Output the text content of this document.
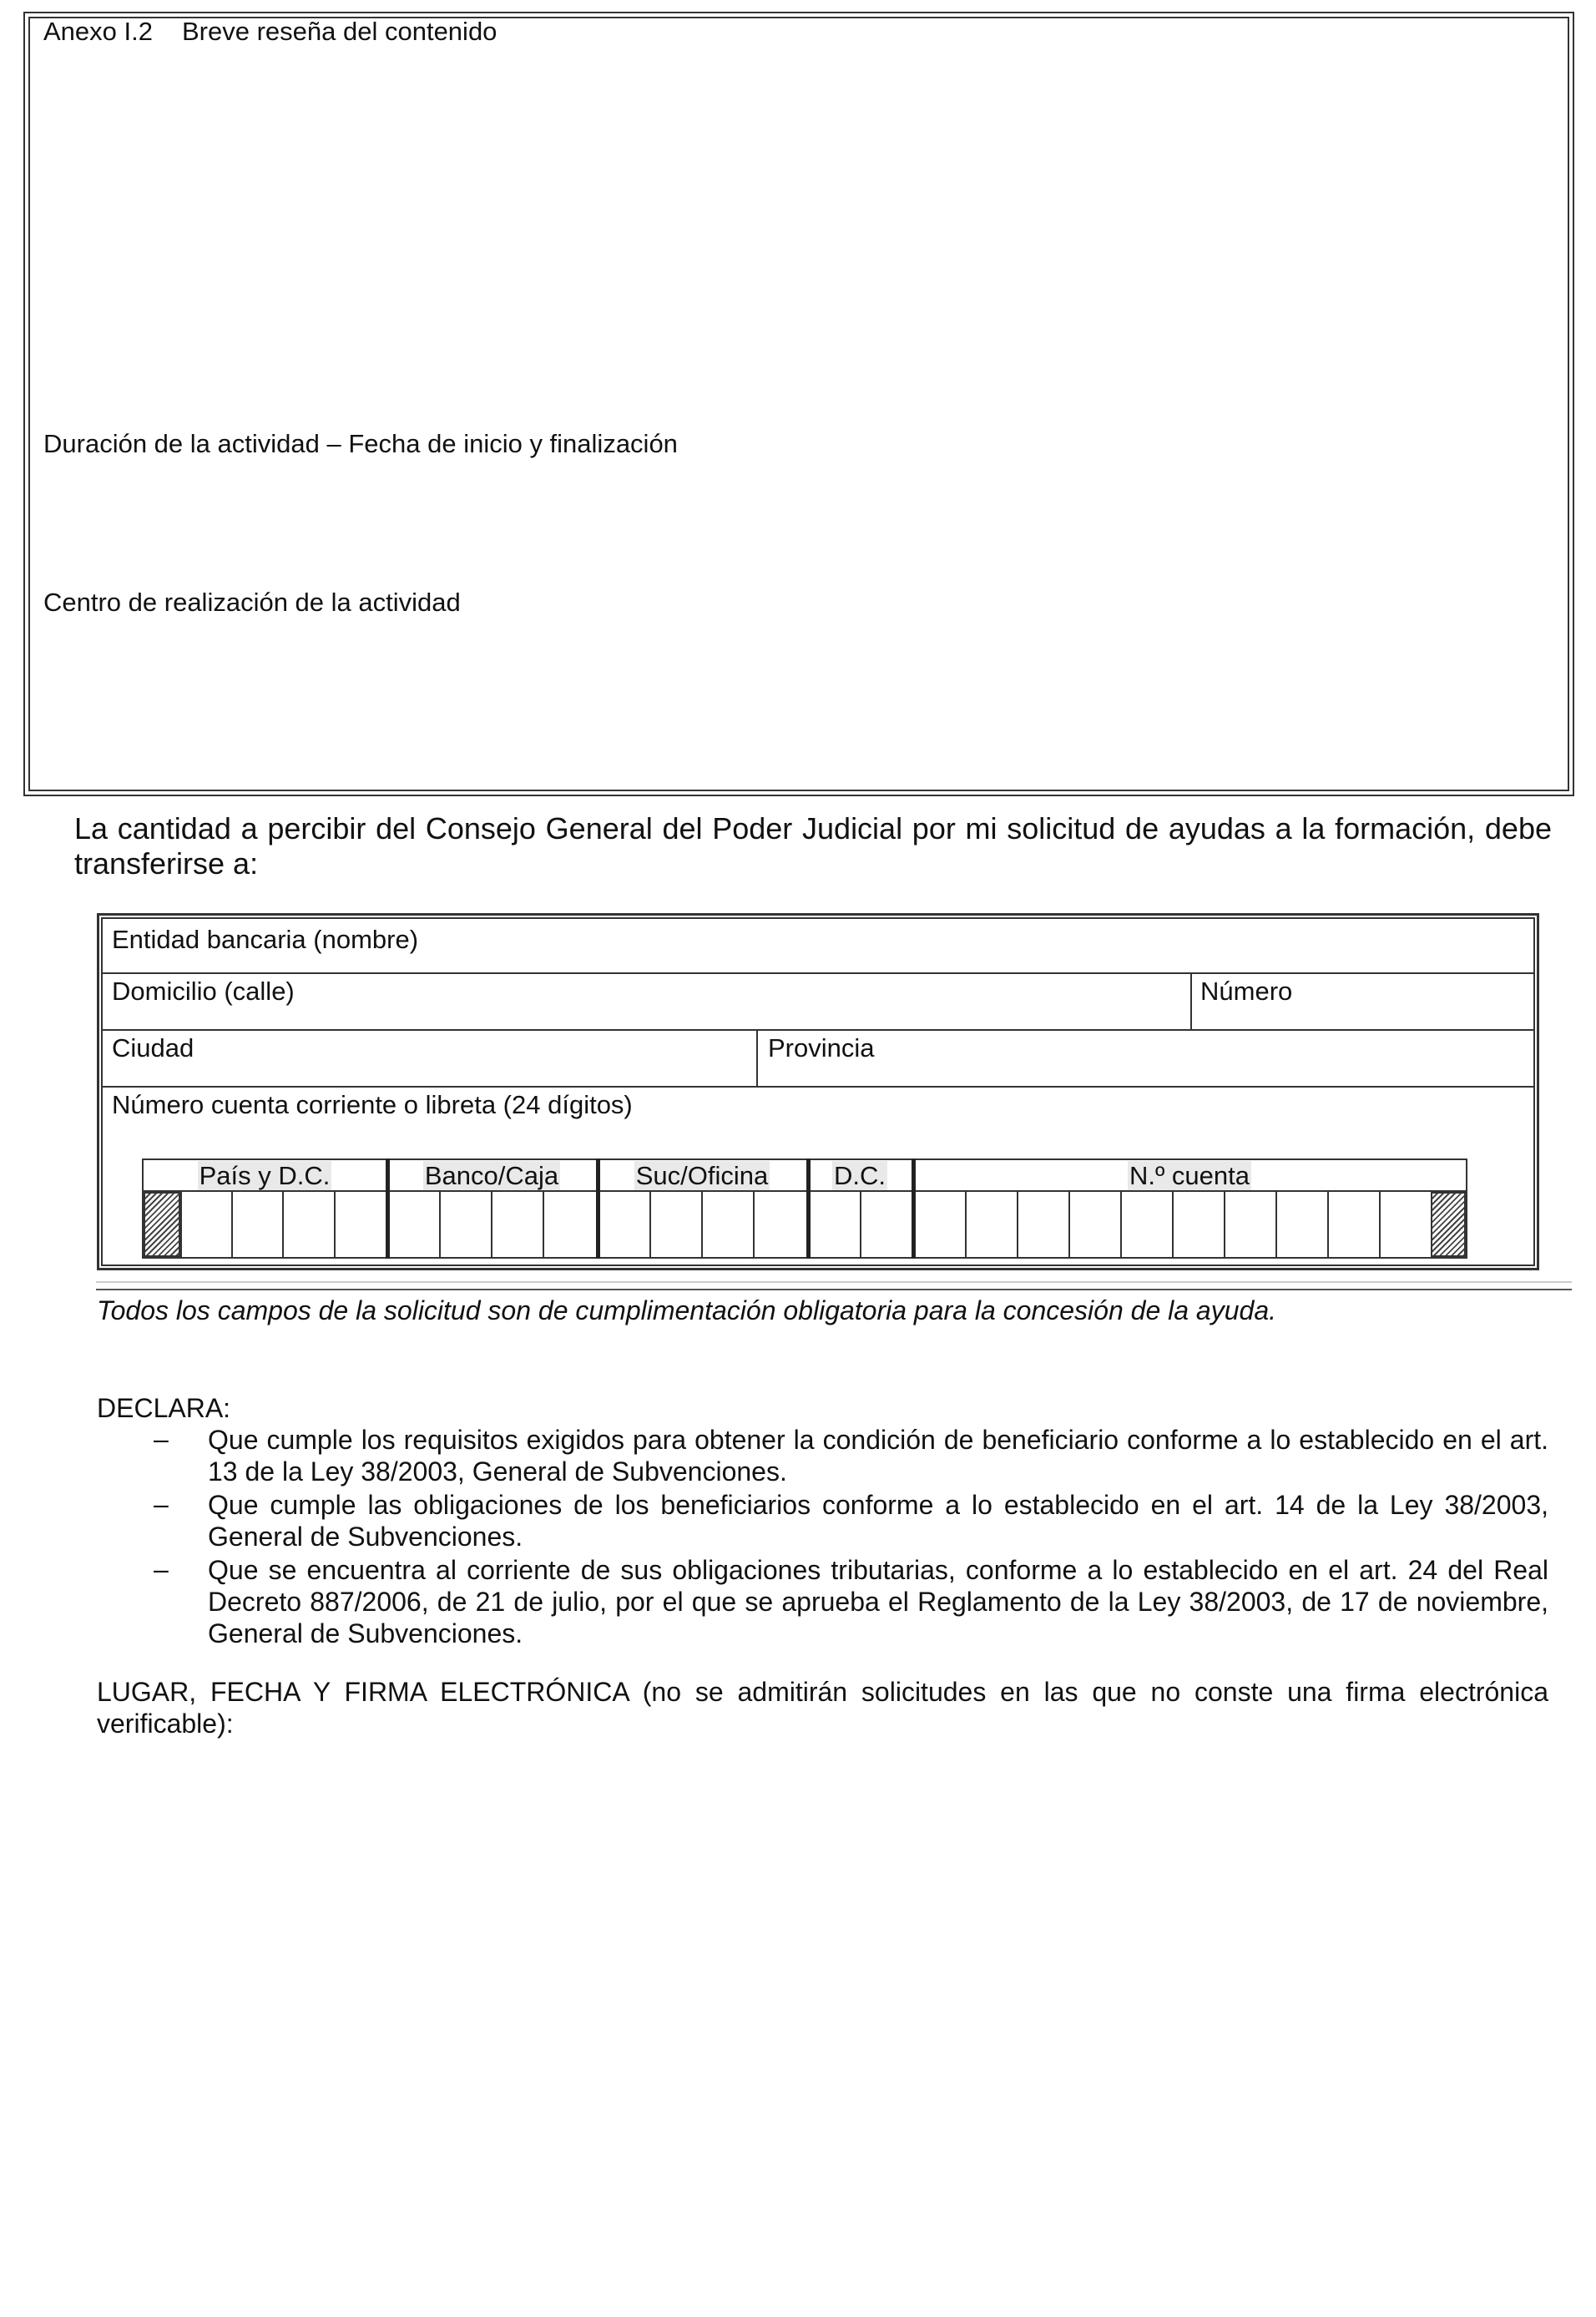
Anexo I.2 Breve reseña del contenido
Duración de la actividad – Fecha de inicio y finalización
Centro de realización de la actividad
La cantidad a percibir del Consejo General del Poder Judicial por mi solicitud de ayudas a la formación, debe transferirse a:
Entidad bancaria (nombre)
Domicilio (calle)	Número
Ciudad	Provincia
Número cuenta corriente o libreta (24 dígitos)
País y D.C.	Banco/Caja	Suc/Oficina	D.C.	N.º cuenta
Todos los campos de la solicitud son de cumplimentación obligatoria para la concesión de la ayuda.
DECLARA:
– Que cumple los requisitos exigidos para obtener la condición de beneficiario conforme a lo establecido en el art. 13 de la Ley 38/2003, General de Subvenciones.
– Que cumple las obligaciones de los beneficiarios conforme a lo establecido en el art. 14 de la Ley 38/2003, General de Subvenciones.
– Que se encuentra al corriente de sus obligaciones tributarias, conforme a lo establecido en el art. 24 del Real Decreto 887/2006, de 21 de julio, por el que se aprueba el Reglamento de la Ley 38/2003, de 17 de noviembre, General de Subvenciones.
LUGAR, FECHA Y FIRMA ELECTRÓNICA (no se admitirán solicitudes en las que no conste una firma electrónica verificable):
